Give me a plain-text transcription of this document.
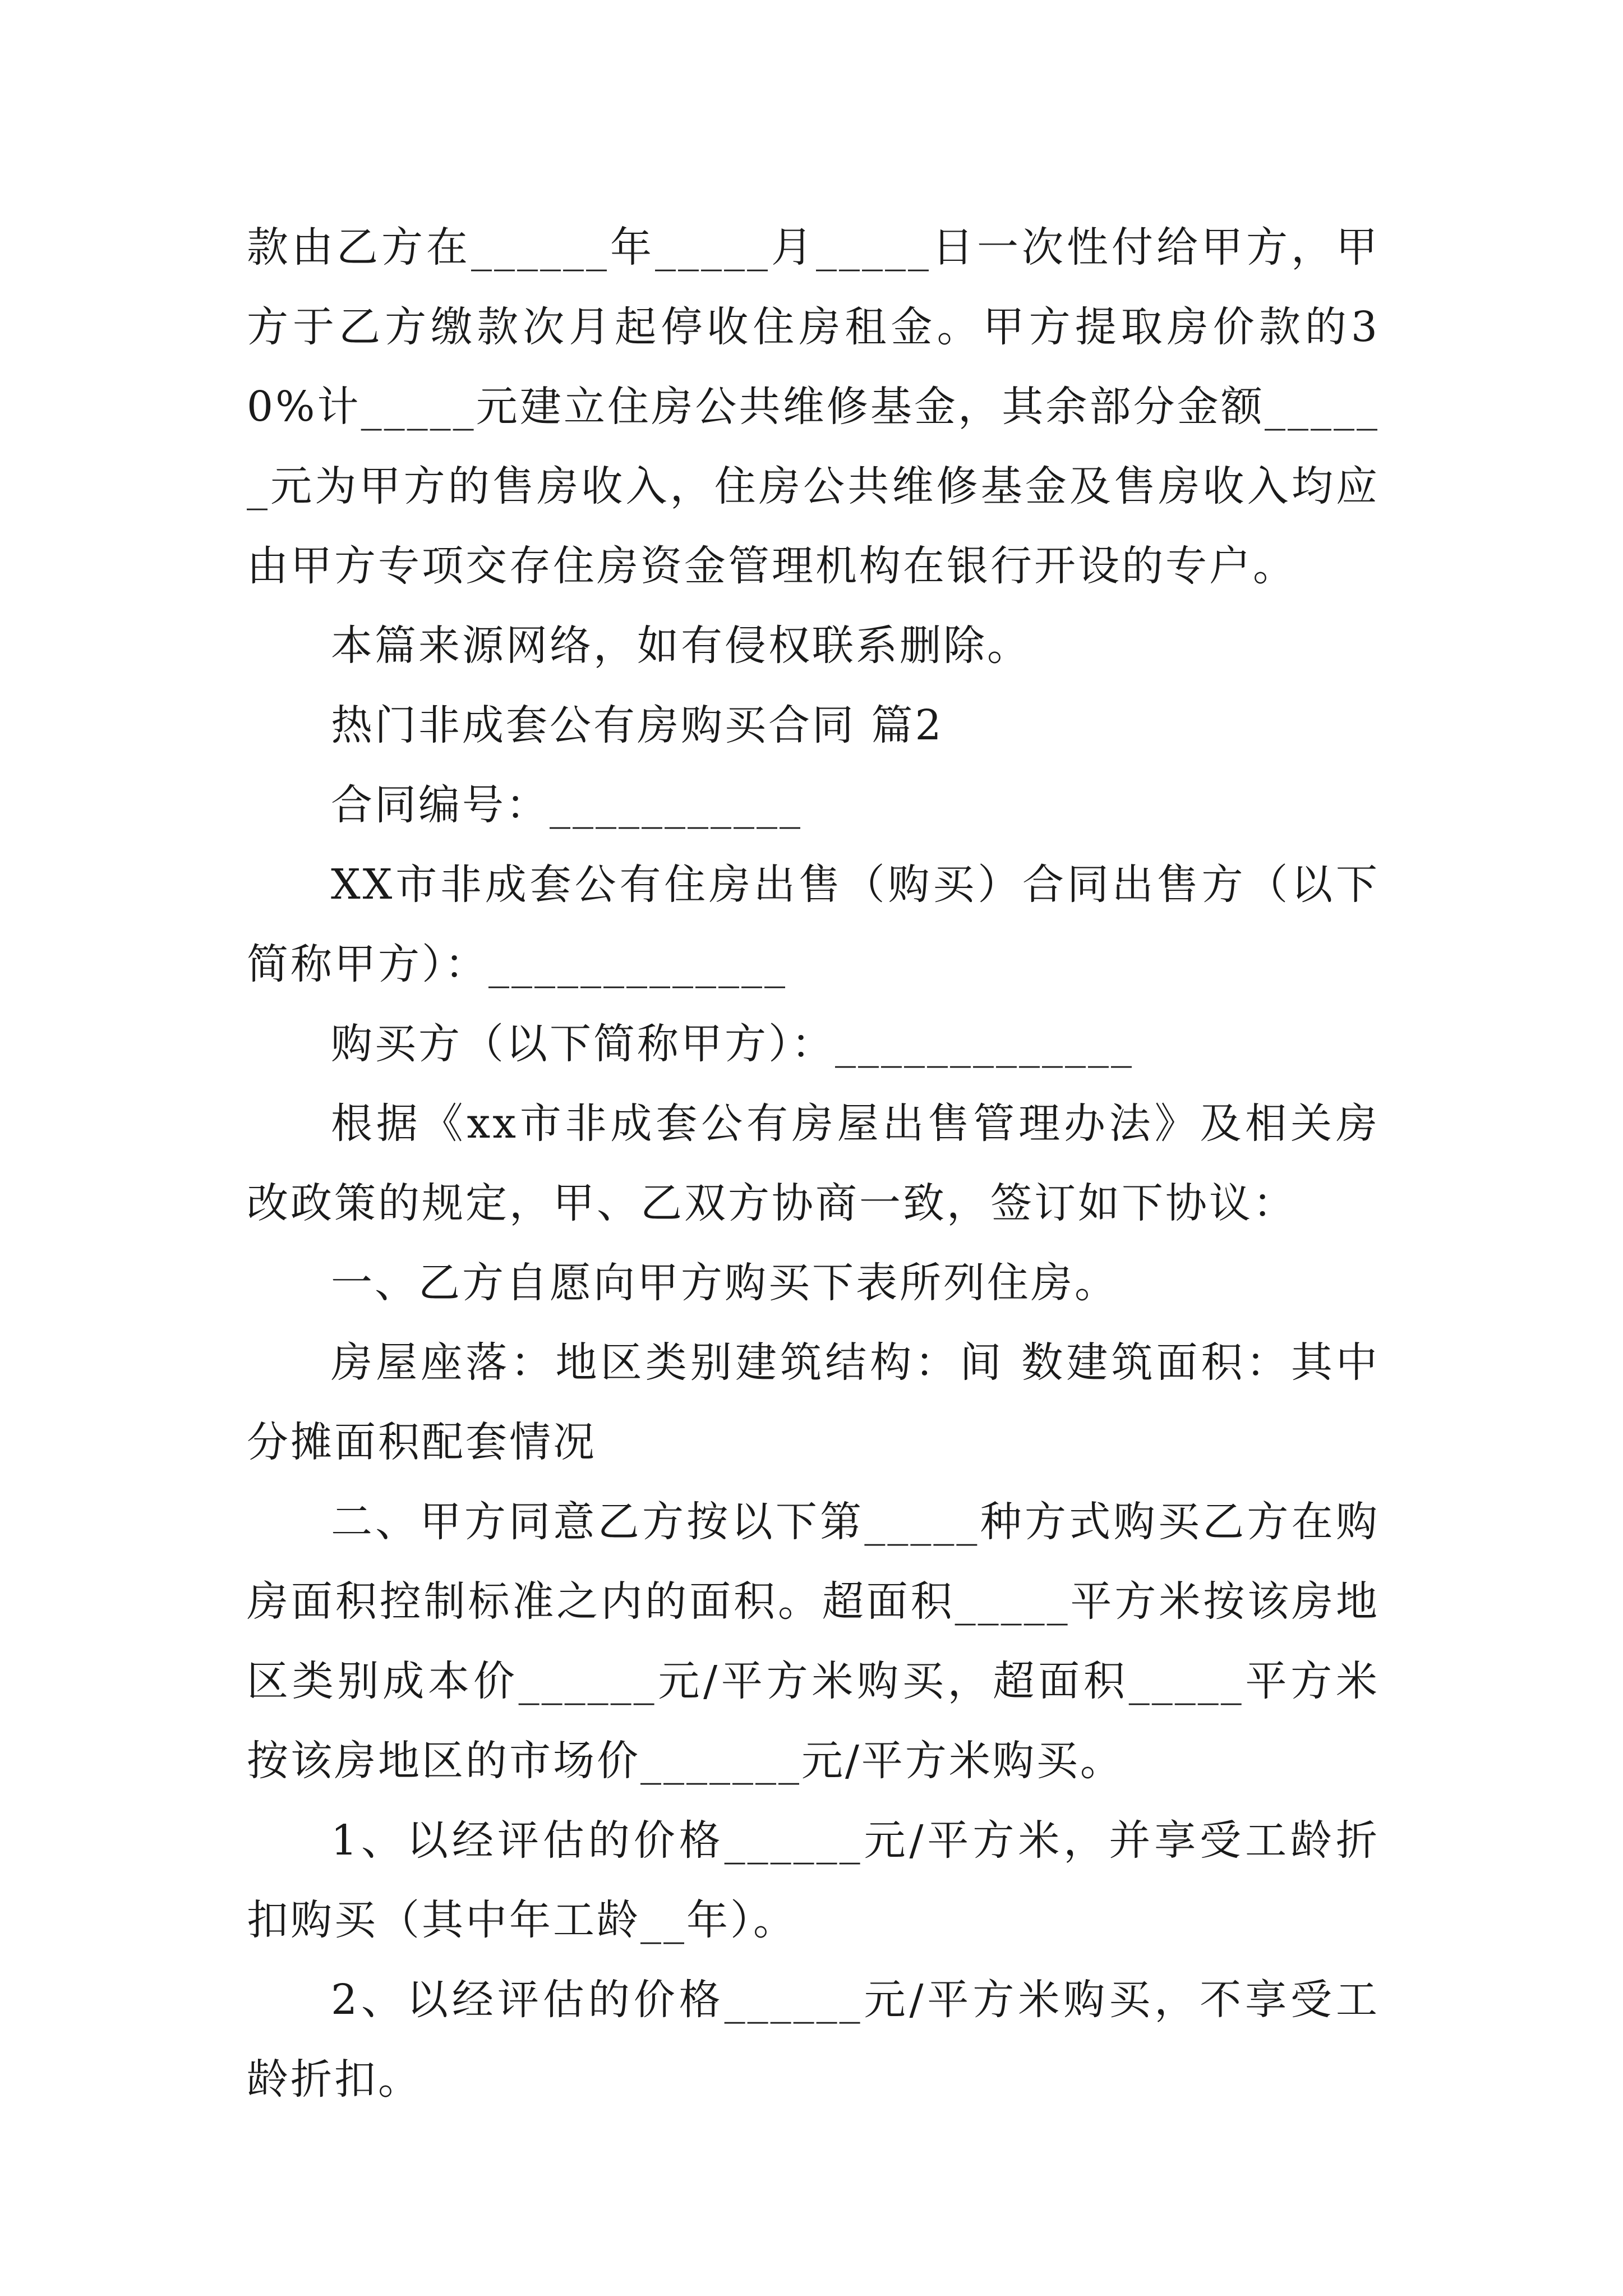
款由乙方在______年_____月_____日一次性付给甲方，甲方于乙方缴款次月起停收住房租金。甲方提取房价款的30%计_____元建立住房公共维修基金，其余部分金额______元为甲方的售房收入，住房公共维修基金及售房收入均应由甲方专项交存住房资金管理机构在银行开设的专户。

本篇来源网络，如有侵权联系删除。

热门非成套公有房购买合同 篇2

合同编号：___________

XX市非成套公有住房出售（购买）合同出售方（以下简称甲方）：_____________

购买方（以下简称甲方）：_____________

根据《xx市非成套公有房屋出售管理办法》及相关房改政策的规定，甲、乙双方协商一致，签订如下协议：

一、乙方自愿向甲方购买下表所列住房。

房屋座落：地区类别建筑结构：间 数建筑面积：其中分摊面积配套情况

二、甲方同意乙方按以下第_____种方式购买乙方在购房面积控制标准之内的面积。超面积_____平方米按该房地区类别成本价______元/平方米购买，超面积_____平方米按该房地区的市场价_______元/平方米购买。

1、以经评估的价格______元/平方米，并享受工龄折扣购买（其中年工龄__年）。

2、以经评估的价格______元/平方米购买，不享受工龄折扣。
